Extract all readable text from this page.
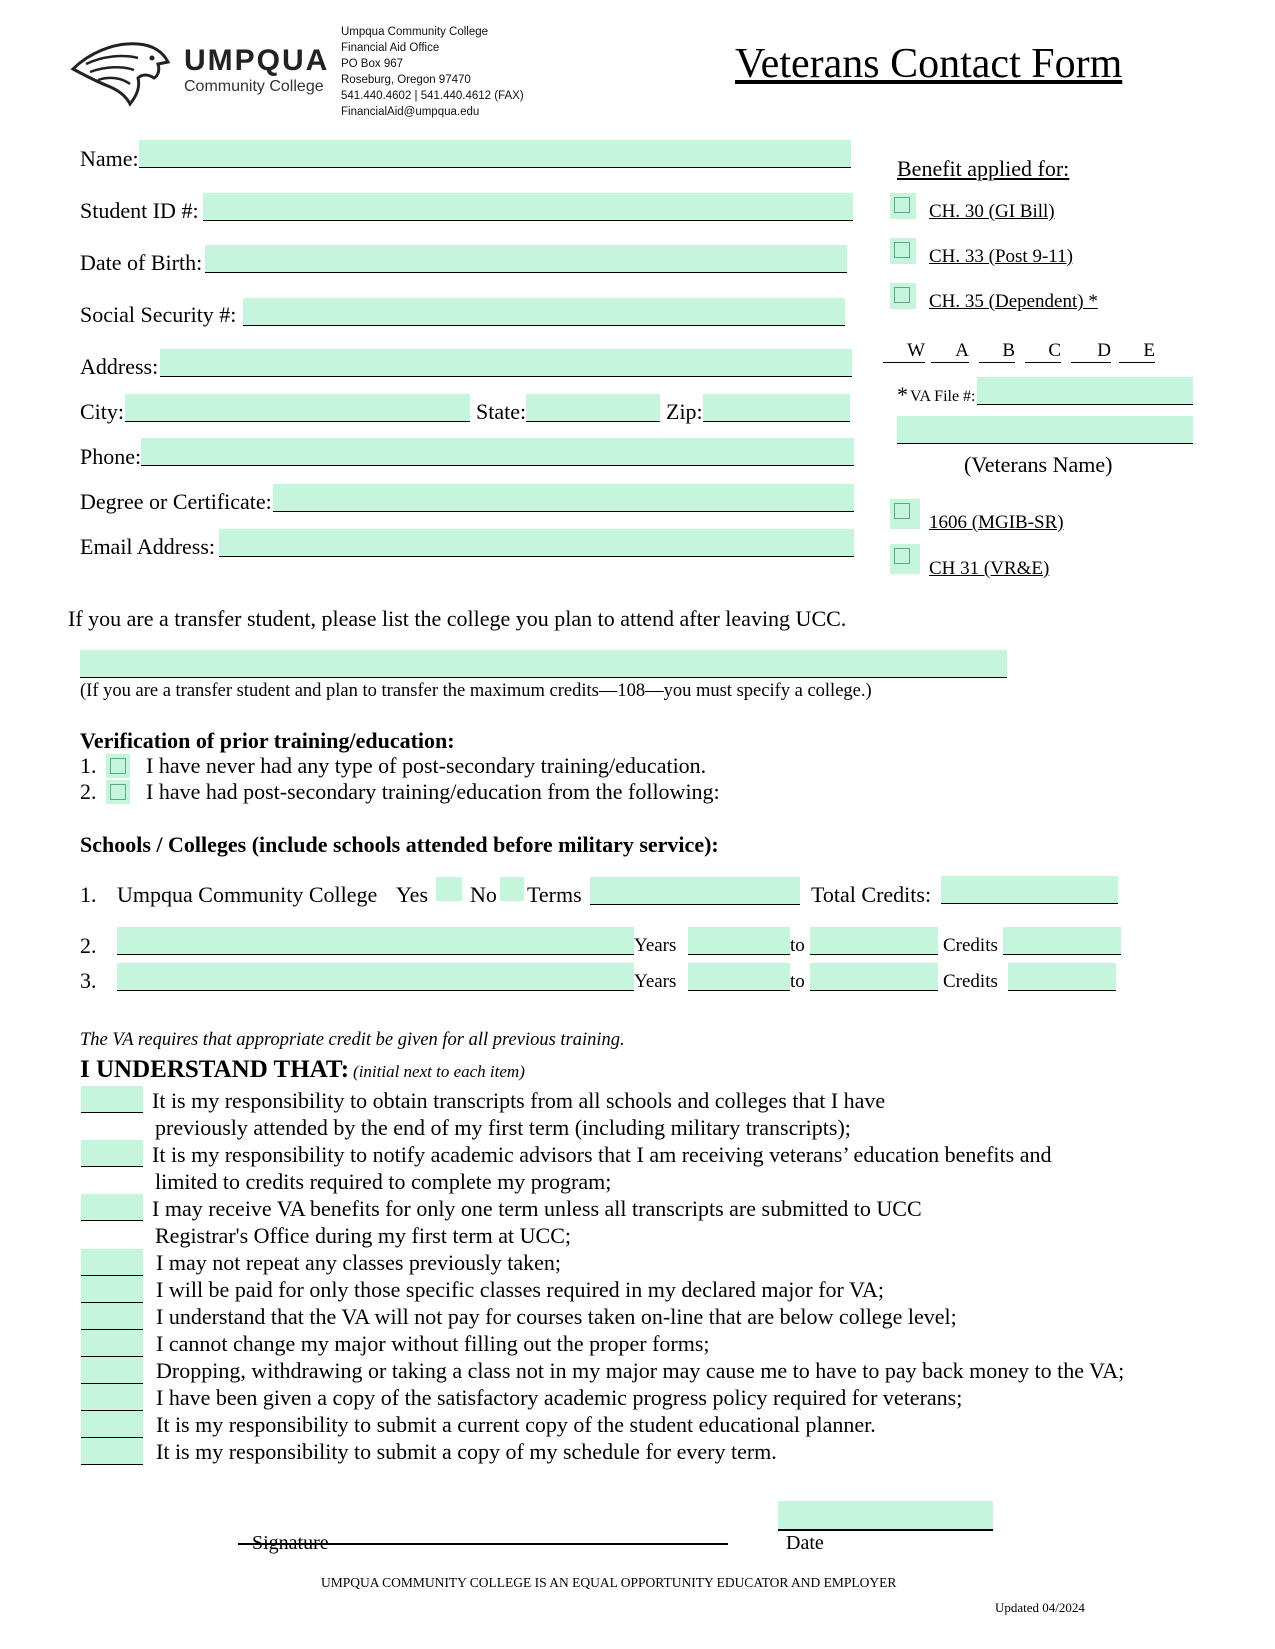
UMPQUA
Community College
Umpqua Community College
Financial Aid Office
PO Box 967
Roseburg, Oregon 97470
541.440.4602 | 541.440.4612 (FAX)
FinancialAid@umpqua.edu
Veterans Contact Form
Name:
Student ID #:
Date of Birth:
Social Security #:
Address:
City:	State:	Zip:
Phone:
Degree or Certificate:
Email Address:
Benefit applied for:
CH. 30 (GI Bill)
CH. 33 (Post 9-11)
CH. 35 (Dependent) *
W	A	B	C	D	E
* VA File #:
(Veterans Name)
1606 (MGIB-SR)
CH 31 (VR&E)
If you are a transfer student, please list the college you plan to attend after leaving UCC.
(If you are a transfer student and plan to transfer the maximum credits—108—you must specify a college.)
Verification of prior training/education:
1. I have never had any type of post-secondary training/education.
2. I have had post-secondary training/education from the following:
Schools / Colleges (include schools attended before military service):
1. Umpqua Community College Yes No Terms	Total Credits:
2.	Years	to	Credits
3.	Years	to	Credits
The VA requires that appropriate credit be given for all previous training.
I UNDERSTAND THAT: (initial next to each item)
It is my responsibility to obtain transcripts from all schools and colleges that I have
previously attended by the end of my first term (including military transcripts);
It is my responsibility to notify academic advisors that I am receiving veterans’ education benefits and
limited to credits required to complete my program;
I may receive VA benefits for only one term unless all transcripts are submitted to UCC
Registrar's Office during my first term at UCC;
I may not repeat any classes previously taken;
I will be paid for only those specific classes required in my declared major for VA;
I understand that the VA will not pay for courses taken on-line that are below college level;
I cannot change my major without filling out the proper forms;
Dropping, withdrawing or taking a class not in my major may cause me to have to pay back money to the VA;
I have been given a copy of the satisfactory academic progress policy required for veterans;
It is my responsibility to submit a current copy of the student educational planner.
It is my responsibility to submit a copy of my schedule for every term.
Signature	Date
UMPQUA COMMUNITY COLLEGE IS AN EQUAL OPPORTUNITY EDUCATOR AND EMPLOYER
Updated 04/2024
